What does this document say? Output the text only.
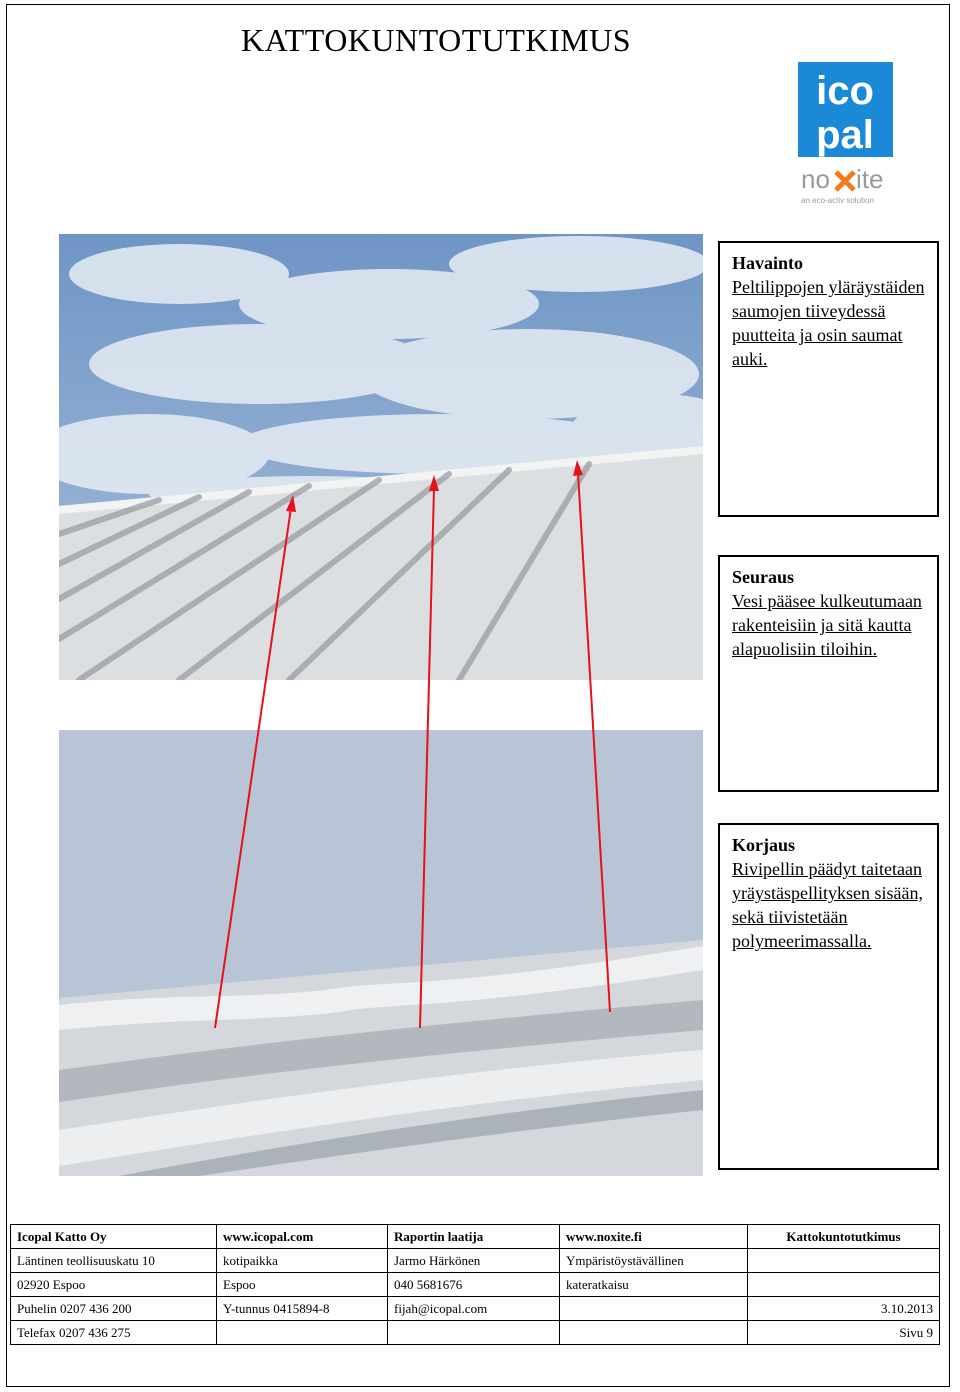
KATTOKUNTOTUTKIMUS
ico
pal
no ite
an eco-activ solution
Havainto
Peltilippojen yläräystäiden saumojen tiiveydessä puutteita ja osin saumat auki.
Seuraus
Vesi pääsee kulkeutumaan rakenteisiin ja sitä kautta alapuolisiin tiloihin.
Korjaus
Rivipellin päädyt taitetaan yräystäspellityksen sisään, sekä tiivistetään polymeerimassalla.
Icopal Katto Oy	www.icopal.com	Raportin laatija	www.noxite.fi	Kattokuntotutkimus
Läntinen teollisuuskatu 10	kotipaikka	Jarmo Härkönen	Ympäristöystävällinen	
02920 Espoo	Espoo	040 5681676	kateratkaisu	
Puhelin 0207 436 200	Y-tunnus 0415894-8	fijah@icopal.com		3.10.2013
Telefax 0207 436 275				Sivu 9
